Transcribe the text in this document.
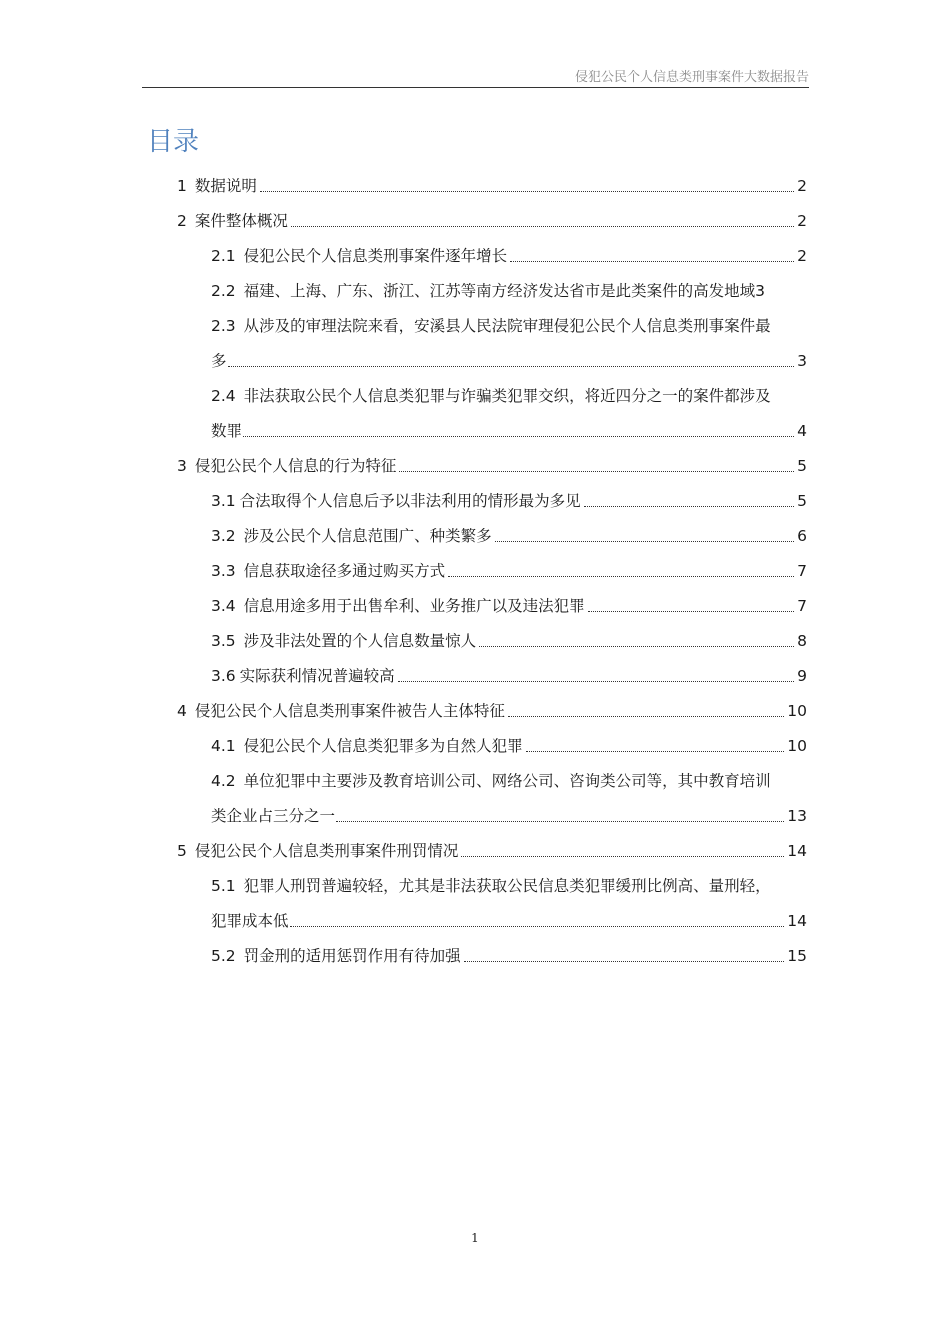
侵犯公民个人信息类刑事案件大数据报告
目录
1 数据说明	2
2 案件整体概况	2
2.1 侵犯公民个人信息类刑事案件逐年增长	2
2.2 福建、上海、广东、浙江、江苏等南方经济发达省市是此类案件的高发地域 3
2.3 从涉及的审理法院来看，安溪县人民法院审理侵犯公民个人信息类刑事案件最
多	3
2.4 非法获取公民个人信息类犯罪与诈骗类犯罪交织，将近四分之一的案件都涉及
数罪	4
3 侵犯公民个人信息的行为特征	5
3.1 合法取得个人信息后予以非法利用的情形最为多见	5
3.2 涉及公民个人信息范围广、种类繁多	6
3.3 信息获取途径多通过购买方式	7
3.4 信息用途多用于出售牟利、业务推广以及违法犯罪	7
3.5 涉及非法处置的个人信息数量惊人	8
3.6 实际获利情况普遍较高	9
4 侵犯公民个人信息类刑事案件被告人主体特征	10
4.1 侵犯公民个人信息类犯罪多为自然人犯罪	10
4.2 单位犯罪中主要涉及教育培训公司、网络公司、咨询类公司等，其中教育培训
类企业占三分之一	13
5 侵犯公民个人信息类刑事案件刑罚情况	14
5.1 犯罪人刑罚普遍较轻，尤其是非法获取公民信息类犯罪缓刑比例高、量刑轻，
犯罪成本低	14
5.2 罚金刑的适用惩罚作用有待加强	15
1
